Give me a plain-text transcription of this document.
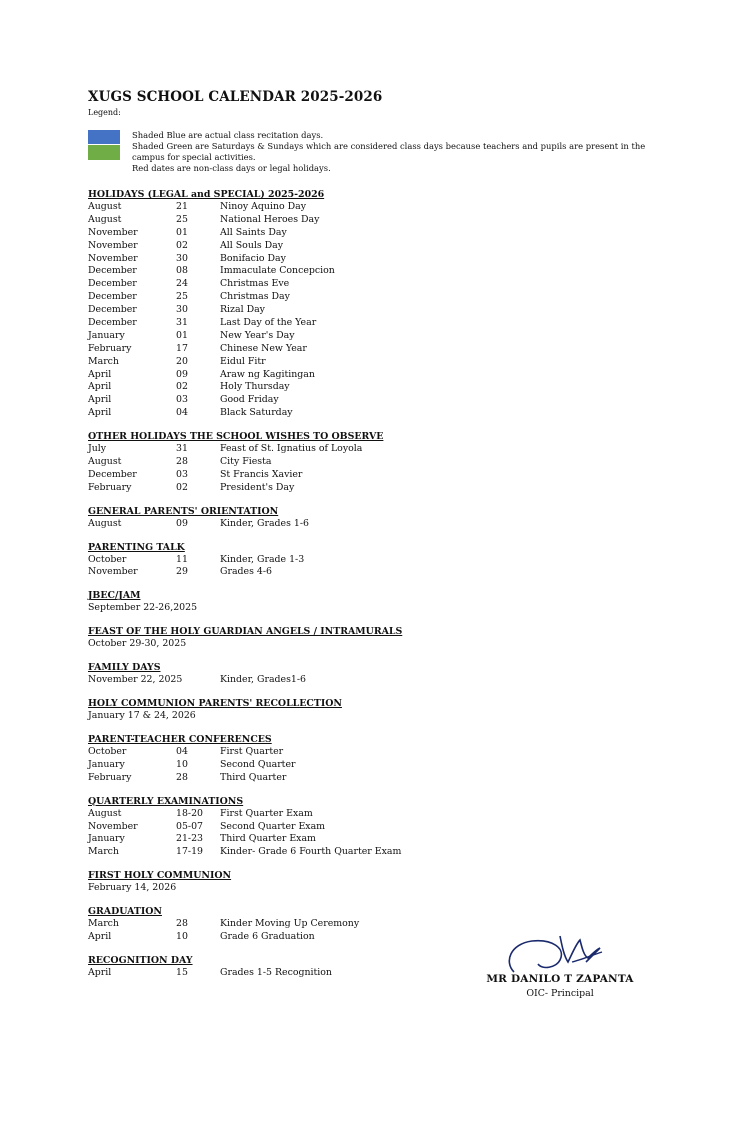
XUGS SCHOOL CALENDAR 2025-2026
Legend:
Shaded Blue are actual class recitation days.
Shaded Green are Saturdays & Sundays which are considered class days because teachers and pupils are present in the
campus for special activities.
Red dates are non-class days or legal holidays.
HOLIDAYS (LEGAL and SPECIAL) 2025-2026
August	21	Ninoy Aquino Day
August	25	National Heroes Day
November	01	All Saints Day
November	02	All Souls Day
November	30	Bonifacio Day
December	08	Immaculate Concepcion
December	24	Christmas Eve
December	25	Christmas Day
December	30	Rizal Day
December	31	Last Day of the Year
January	01	New Year's Day
February	17	Chinese New Year
March	20	Eidul Fitr
April	09	Araw ng Kagitingan
April	02	Holy Thursday
April	03	Good Friday
April	04	Black Saturday
OTHER HOLIDAYS THE SCHOOL WISHES TO OBSERVE
July	31	Feast of St. Ignatius of Loyola
August	28	City Fiesta
December	03	St Francis Xavier
February	02	President's Day
GENERAL PARENTS' ORIENTATION
August	09	Kinder, Grades 1-6
PARENTING TALK
October	11	Kinder, Grade 1-3
November	29	Grades 4-6
JBEC/JAM
September 22-26,2025
FEAST OF THE HOLY GUARDIAN ANGELS / INTRAMURALS
October 29-30, 2025
FAMILY DAYS
November 22, 2025	Kinder, Grades1-6
HOLY COMMUNION PARENTS' RECOLLECTION
January 17 & 24, 2026
PARENT-TEACHER CONFERENCES
October	04	First Quarter
January	10	Second Quarter
February	28	Third Quarter
QUARTERLY EXAMINATIONS
August	18-20 First Quarter Exam
November	05-07 Second Quarter Exam
January	21-23 Third Quarter Exam
March	17-19 Kinder- Grade 6 Fourth Quarter Exam
FIRST HOLY COMMUNION
February 14, 2026
GRADUATION
March	28	Kinder Moving Up Ceremony
April	10	Grade 6 Graduation
RECOGNITION DAY
April	15	Grades 1-5 Recognition
MR DANILO T ZAPANTA
OIC- Principal
